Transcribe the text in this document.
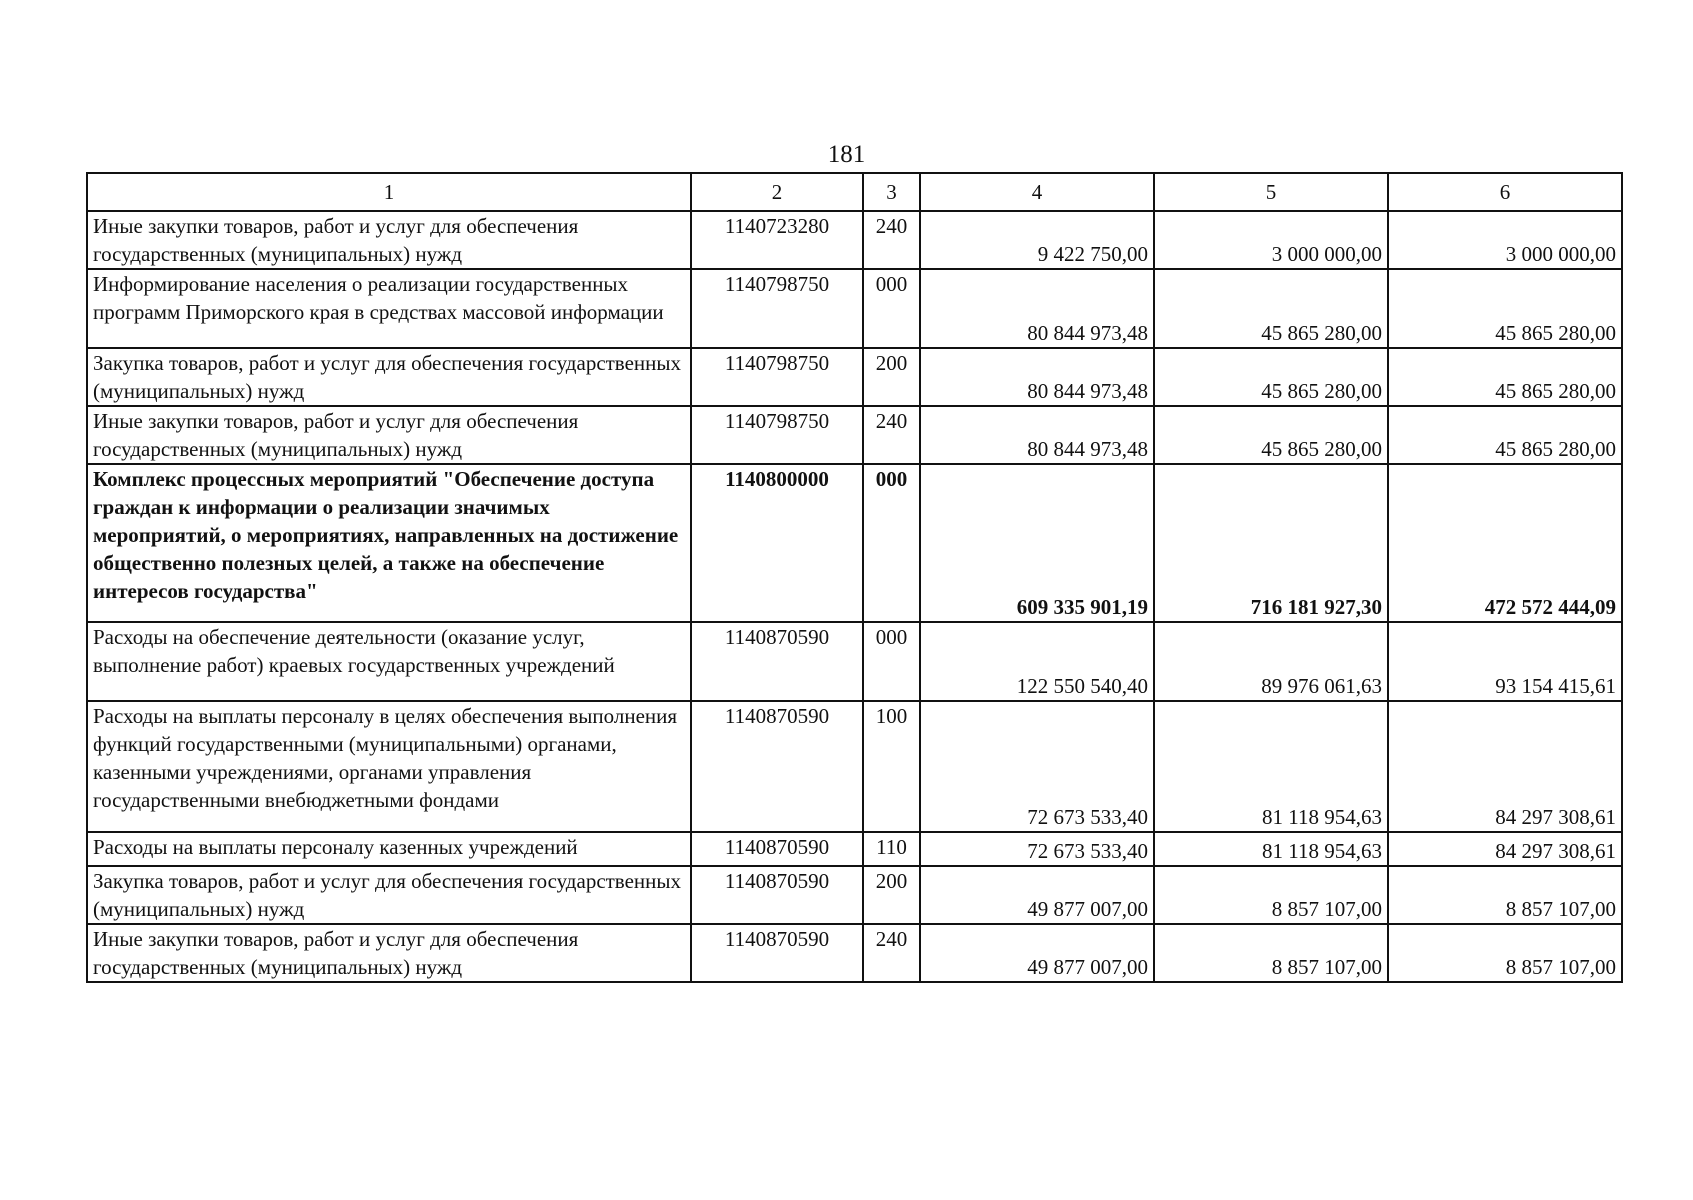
181
1	2	3	4	5	6
Иные закупки товаров, работ и услуг для обеспечения государственных (муниципальных) нужд	1140723280	240	9 422 750,00	3 000 000,00	3 000 000,00
Информирование населения о реализации государственных программ Приморского края в средствах массовой информации	1140798750	000	80 844 973,48	45 865 280,00	45 865 280,00
Закупка товаров, работ и услуг для обеспечения государственных (муниципальных) нужд	1140798750	200	80 844 973,48	45 865 280,00	45 865 280,00
Иные закупки товаров, работ и услуг для обеспечения государственных (муниципальных) нужд	1140798750	240	80 844 973,48	45 865 280,00	45 865 280,00
Комплекс процессных мероприятий "Обеспечение доступа граждан к информации о реализации значимых мероприятий, о мероприятиях, направленных на достижение общественно полезных целей, а также на обеспечение интересов государства"	1140800000	000	609 335 901,19	716 181 927,30	472 572 444,09
Расходы на обеспечение деятельности (оказание услуг, выполнение работ) краевых государственных учреждений	1140870590	000	122 550 540,40	89 976 061,63	93 154 415,61
Расходы на выплаты персоналу в целях обеспечения выполнения функций государственными (муниципальными) органами, казенными учреждениями, органами управления государственными внебюджетными фондами	1140870590	100	72 673 533,40	81 118 954,63	84 297 308,61
Расходы на выплаты персоналу казенных учреждений	1140870590	110	72 673 533,40	81 118 954,63	84 297 308,61
Закупка товаров, работ и услуг для обеспечения государственных (муниципальных) нужд	1140870590	200	49 877 007,00	8 857 107,00	8 857 107,00
Иные закупки товаров, работ и услуг для обеспечения государственных (муниципальных) нужд	1140870590	240	49 877 007,00	8 857 107,00	8 857 107,00
